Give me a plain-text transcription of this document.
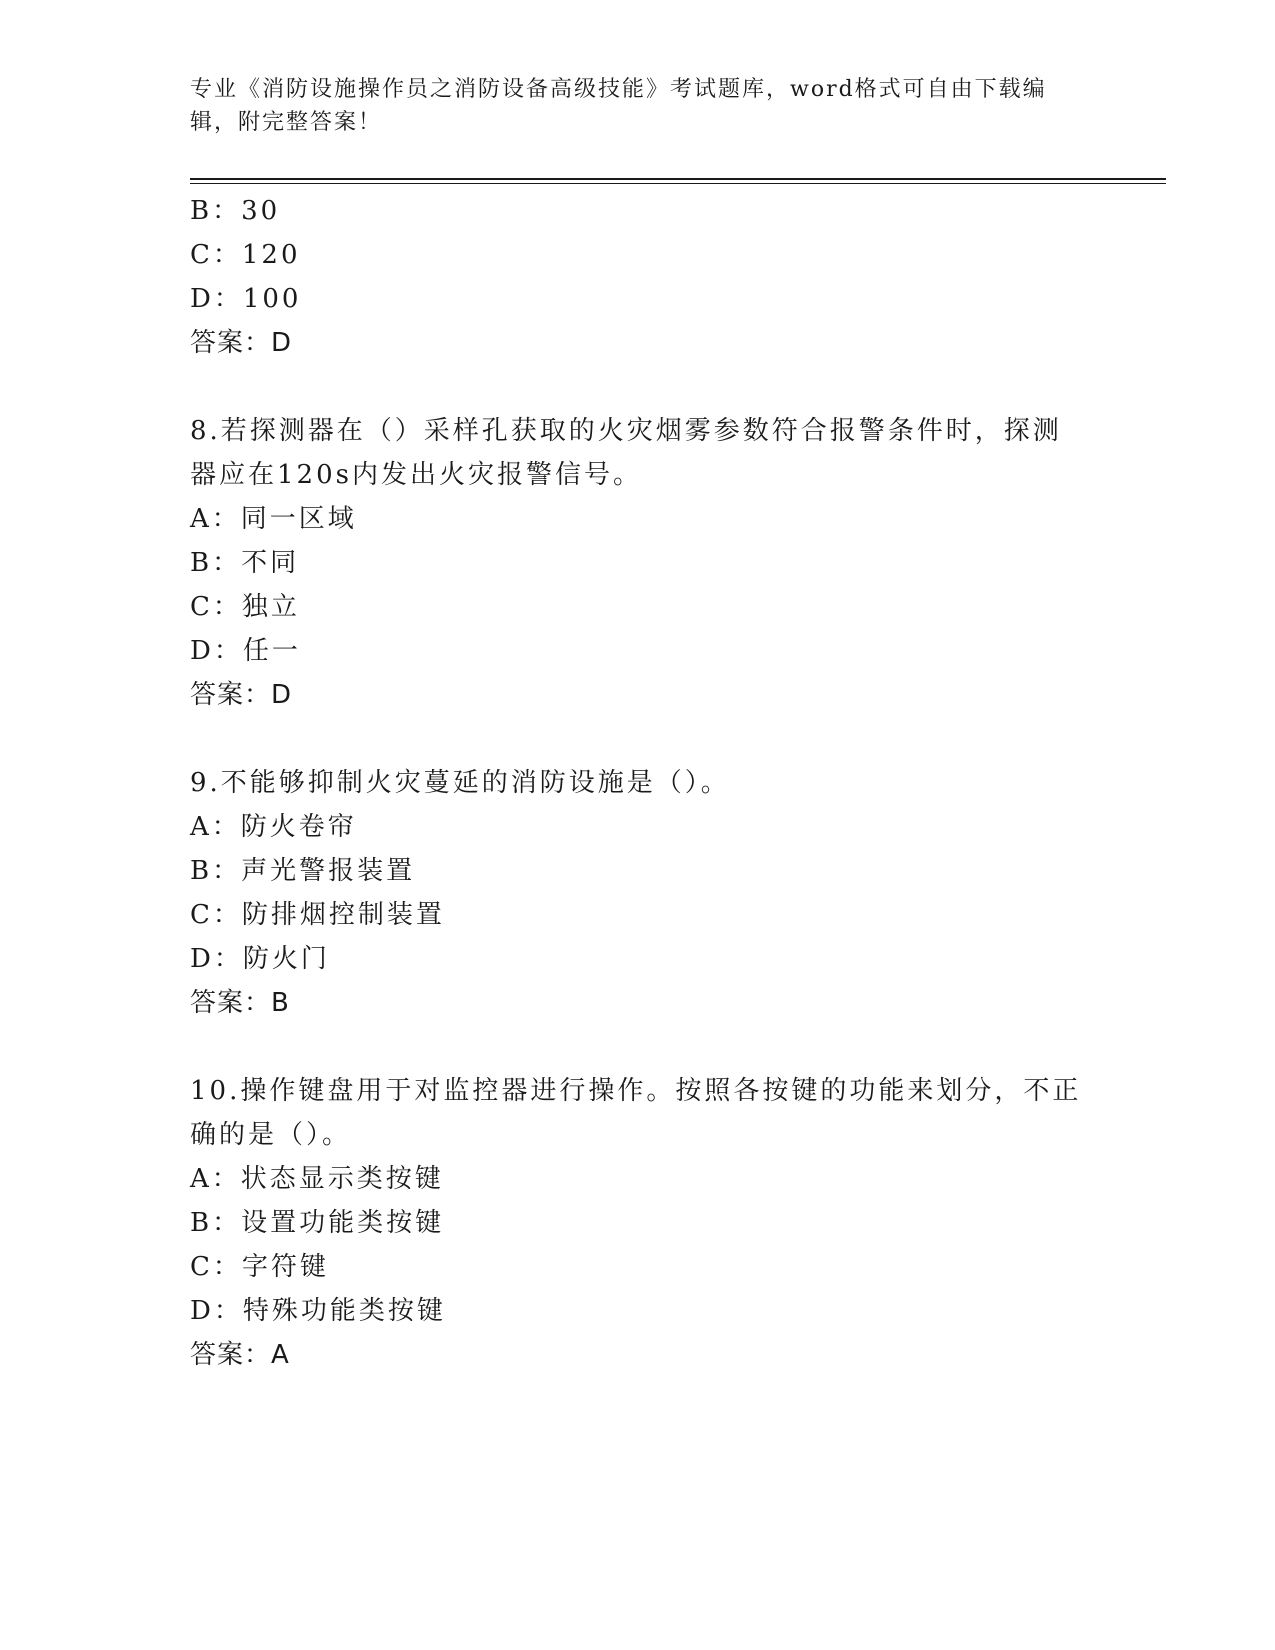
专业《消防设施操作员之消防设备高级技能》考试题库，word格式可自由下载编辑，附完整答案！

B：30

C：120

D：100

答案：D

8.若探测器在（）采样孔获取的火灾烟雾参数符合报警条件时，探测

器应在120s内发出火灾报警信号。

A：同一区域

B：不同

C：独立

D：任一

答案：D

9.不能够抑制火灾蔓延的消防设施是（）。

A：防火卷帘

B：声光警报装置

C：防排烟控制装置

D：防火门

答案：B

10.操作键盘用于对监控器进行操作。按照各按键的功能来划分，不正

确的是（）。

A：状态显示类按键

B：设置功能类按键

C：字符键

D：特殊功能类按键

答案：A
